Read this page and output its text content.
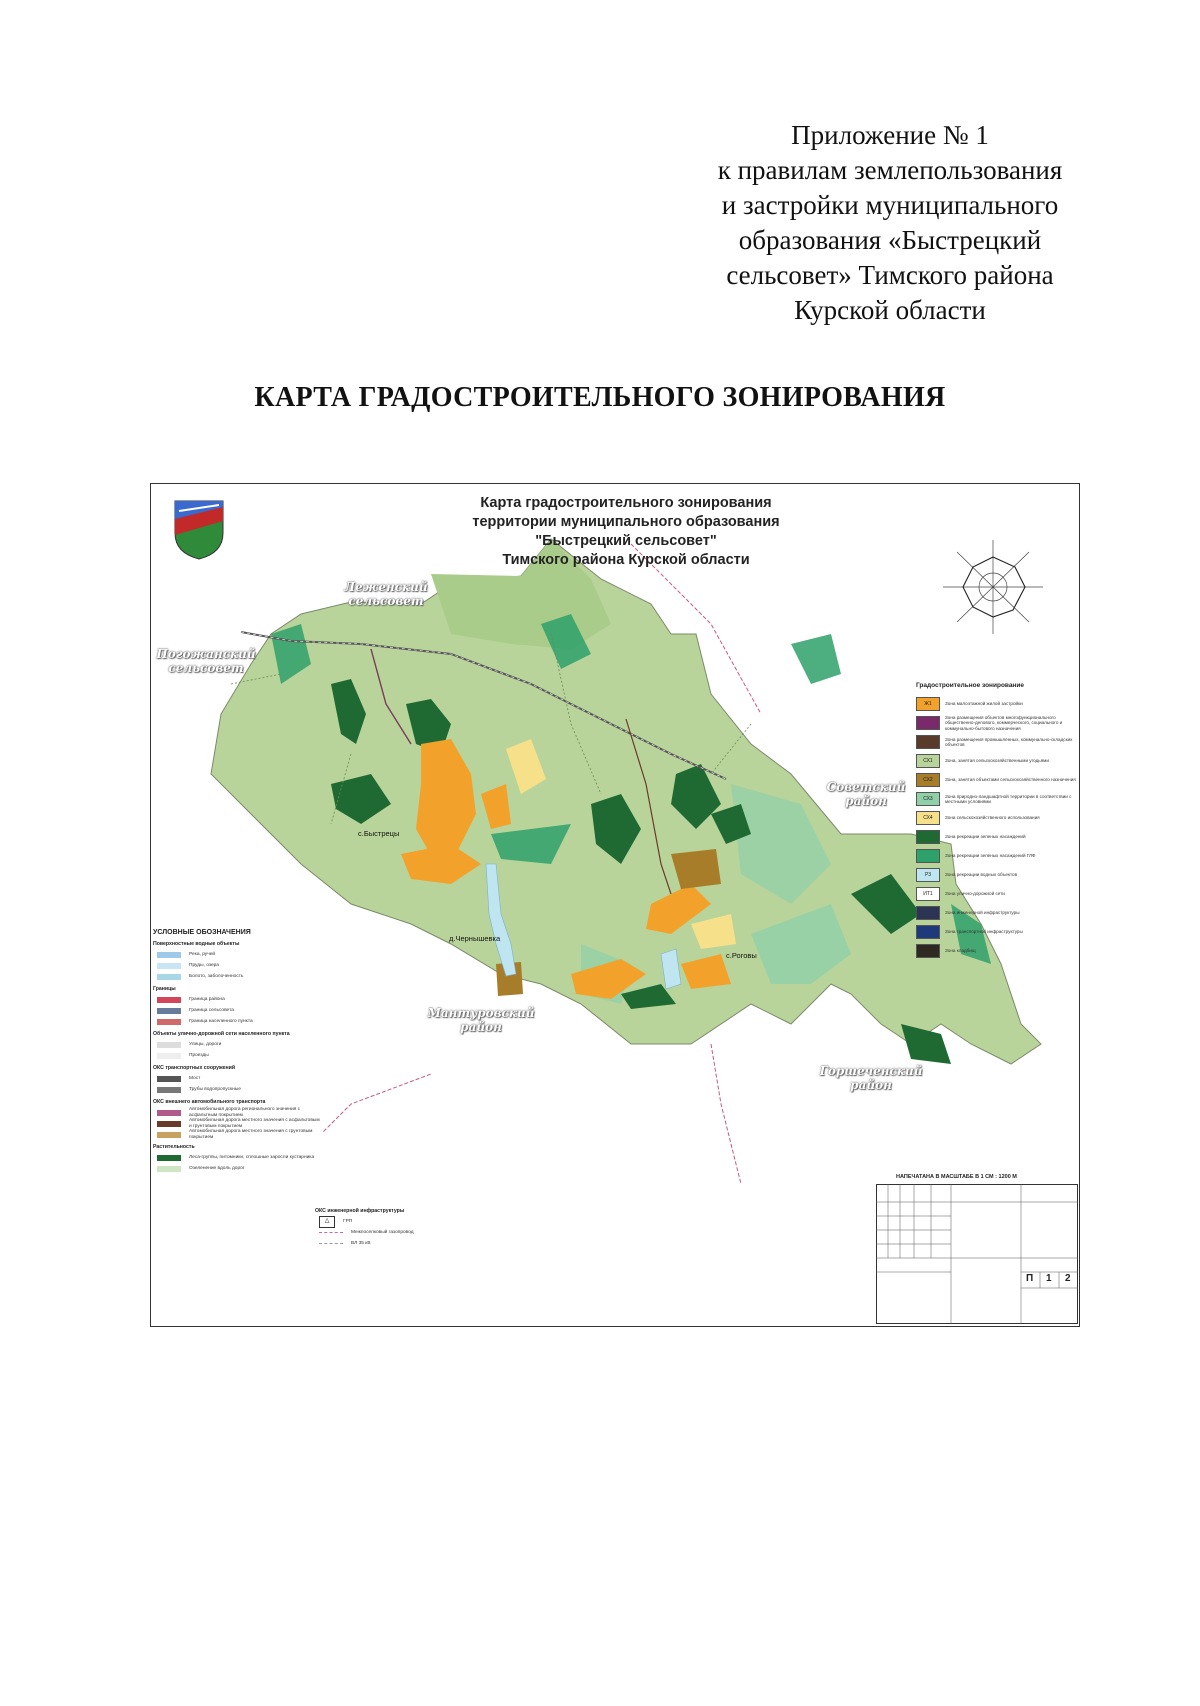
Приложение № 1
к правилам землепользования
и застройки муниципального
образования «Быстрецкий
сельсовет» Тимского района
Курской области
КАРТА ГРАДОСТРОИТЕЛЬНОГО ЗОНИРОВАНИЯ
Карта градостроительного зонирования
территории муниципального образования
"Быстрецкий сельсовет"
Тимского района Курской области
Леженский
сельсовет
Погожанский
сельсовет
Советский
район
Мантуровский
район
Горшеченский
район
с.Быстрецы
д.Чернышевка
с.Роговы
Градостроительное зонирование
Ж1	Зона малоэтажной жилой застройки
Зона размещения объектов многофункционального общественно-делового, коммерческого, социального и коммунально-бытового назначения
Зона размещения промышленных, коммунально-складских объектов
СХ1	Зона, занятая сельскохозяйственными угодьями
СХ2	Зона, занятая объектами сельскохозяйственного назначения
СХ3	Зона природно-ландшафтной территории в соответствии с местными условиями
СХ4	Зона сельскохозяйственного использования
Зона рекреации зеленых насаждений
Зона рекреации зеленых насаждений ГЛФ
Р3	Зона рекреации водных объектов
ИТ1	Зона улично-дорожной сети
Зона инженерной инфраструктуры
Зона транспортной инфраструктуры
Зона кладбищ
УСЛОВНЫЕ ОБОЗНАЧЕНИЯ
Поверхностные водные объекты
Река, ручей
Пруды, озера
Болото, заболоченность
Границы
Граница района
Граница сельсовета
Граница населенного пункта
Объекты улично-дорожной сети населенного пункта
Улицы, дороги
Проезды
ОКС транспортных сооружений
Мост
Трубы водопропускные
ОКС внешнего автомобильного транспорта
Автомобильная дорога регионального значения с асфальтным покрытием
Автомобильная дорога местного значения с асфальтовым и грунтовым покрытием
Автомобильная дорога местного значения с грунтовым покрытием
Растительность
Леса-группы, питомники, сплошные заросли кустарника
Озеленение вдоль дорог
ОКС инженерной инфраструктуры
△	ГРП
Межпоселковый газопровод
ВЛ 35 кВ
НАПЕЧАТАНА В МАСШТАБЕ В 1 СМ : 1200 М
П 1 2
